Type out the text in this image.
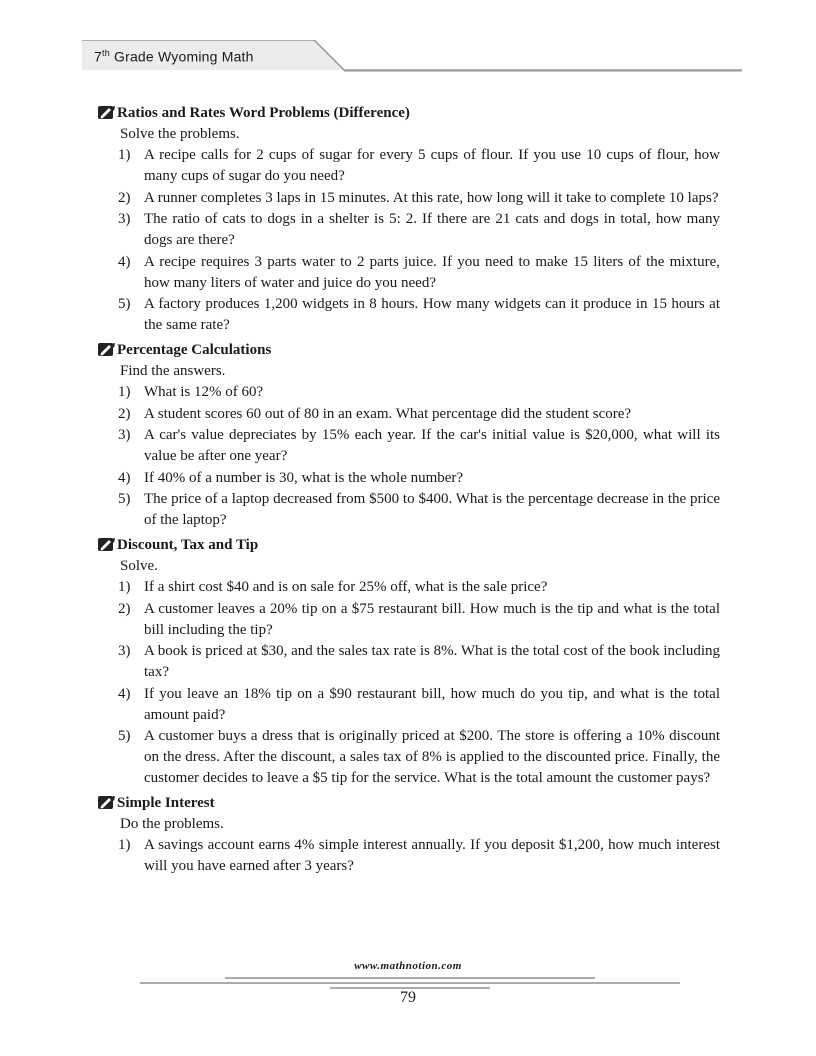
7th Grade Wyoming Math
Ratios and Rates Word Problems (Difference)
Solve the problems.
1) A recipe calls for 2 cups of sugar for every 5 cups of flour. If you use 10 cups of flour, how many cups of sugar do you need?
2) A runner completes 3 laps in 15 minutes. At this rate, how long will it take to complete 10 laps?
3) The ratio of cats to dogs in a shelter is 5: 2. If there are 21 cats and dogs in total, how many dogs are there?
4) A recipe requires 3 parts water to 2 parts juice. If you need to make 15 liters of the mixture, how many liters of water and juice do you need?
5) A factory produces 1,200 widgets in 8 hours. How many widgets can it produce in 15 hours at the same rate?
Percentage Calculations
Find the answers.
1) What is 12% of 60?
2) A student scores 60 out of 80 in an exam. What percentage did the student score?
3) A car's value depreciates by 15% each year. If the car's initial value is $20,000, what will its value be after one year?
4) If 40% of a number is 30, what is the whole number?
5) The price of a laptop decreased from $500 to $400. What is the percentage decrease in the price of the laptop?
Discount, Tax and Tip
Solve.
1) If a shirt cost $40 and is on sale for 25% off, what is the sale price?
2) A customer leaves a 20% tip on a $75 restaurant bill. How much is the tip and what is the total bill including the tip?
3) A book is priced at $30, and the sales tax rate is 8%. What is the total cost of the book including tax?
4) If you leave an 18% tip on a $90 restaurant bill, how much do you tip, and what is the total amount paid?
5) A customer buys a dress that is originally priced at $200. The store is offering a 10% discount on the dress. After the discount, a sales tax of 8% is applied to the discounted price. Finally, the customer decides to leave a $5 tip for the service. What is the total amount the customer pays?
Simple Interest
Do the problems.
1) A savings account earns 4% simple interest annually. If you deposit $1,200, how much interest will you have earned after 3 years?
www.mathnotion.com
79
